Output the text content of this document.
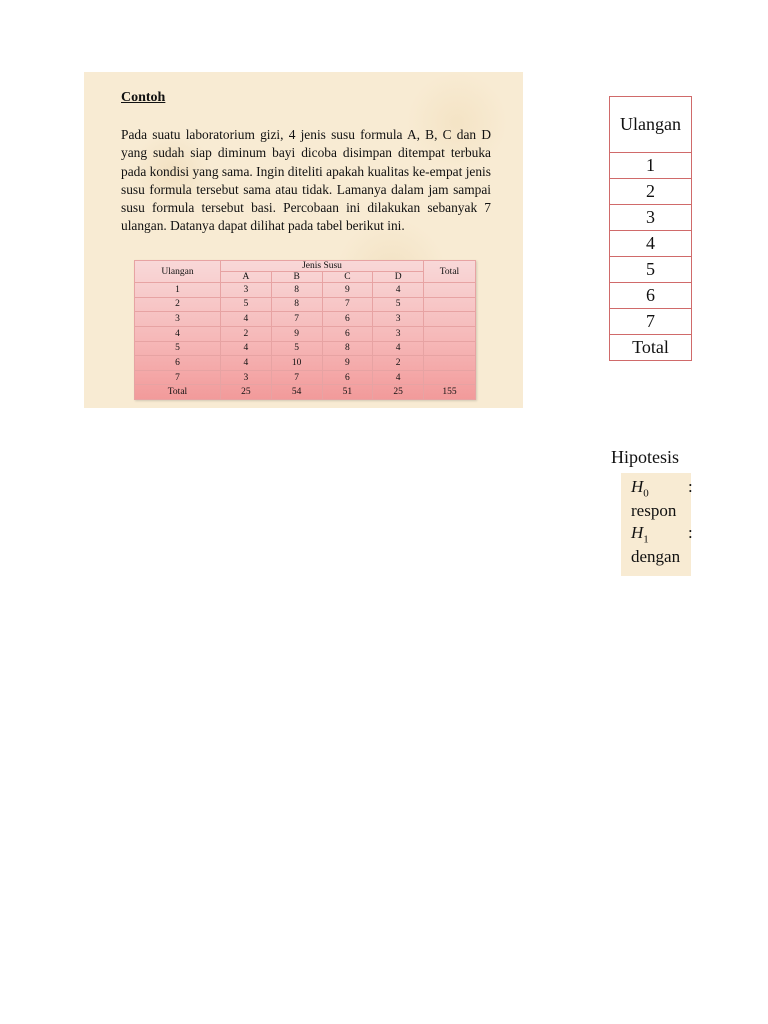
Contoh

Pada suatu laboratorium gizi, 4 jenis susu formula A, B, C dan D yang sudah siap diminum bayi dicoba disimpan ditempat terbuka pada kondisi yang sama. Ingin diteliti apakah kualitas ke-empat jenis susu formula tersebut sama atau tidak. Lamanya dalam jam sampai susu formula tersebut basi. Percobaan ini dilakukan sebanyak 7 ulangan. Datanya dapat dilihat pada tabel berikut ini.

Ulangan	Jenis Susu				Total
	A	B	C	D	
1	3	8	9	4	
2	5	8	7	5	
3	4	7	6	3	
4	2	9	6	3	
5	4	5	8	4	
6	4	10	9	2	
7	3	7	6	4	
Total	25	54	51	25	155
Ulangan
1
2
3
4
5
6
7
Total
Hipotesis
$H_0$ :
respon
$H_1$ :
dengan
